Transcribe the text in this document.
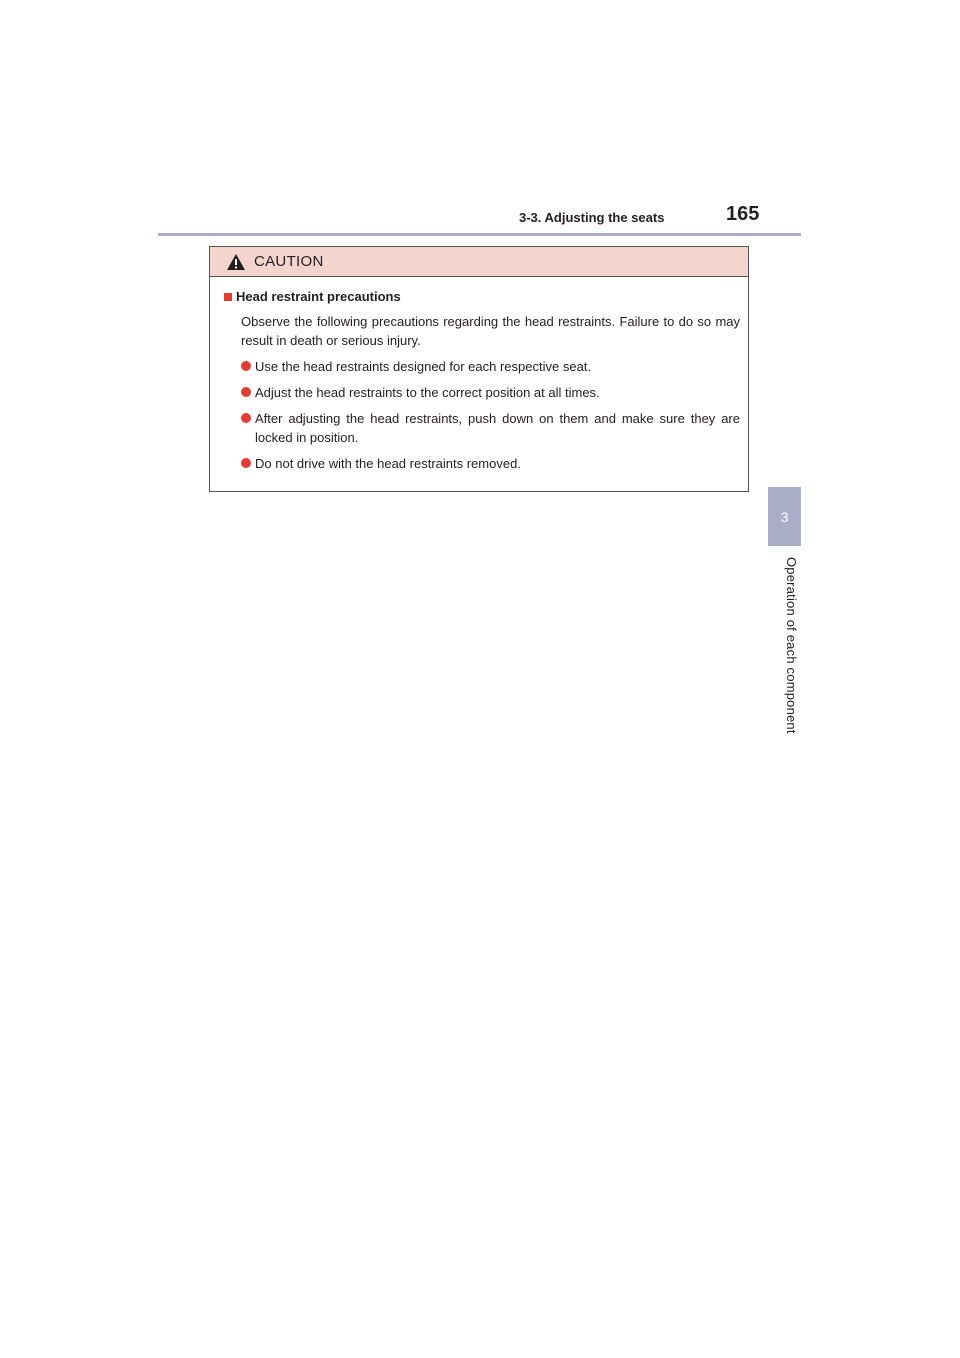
3-3. Adjusting the seats	165
3
Operation of each component
CAUTION
Head restraint precautions

Observe the following precautions regarding the head restraints. Failure to do so may result in death or serious injury.

Use the head restraints designed for each respective seat.
Adjust the head restraints to the correct position at all times.
After adjusting the head restraints, push down on them and make sure they are locked in position.
Do not drive with the head restraints removed.
